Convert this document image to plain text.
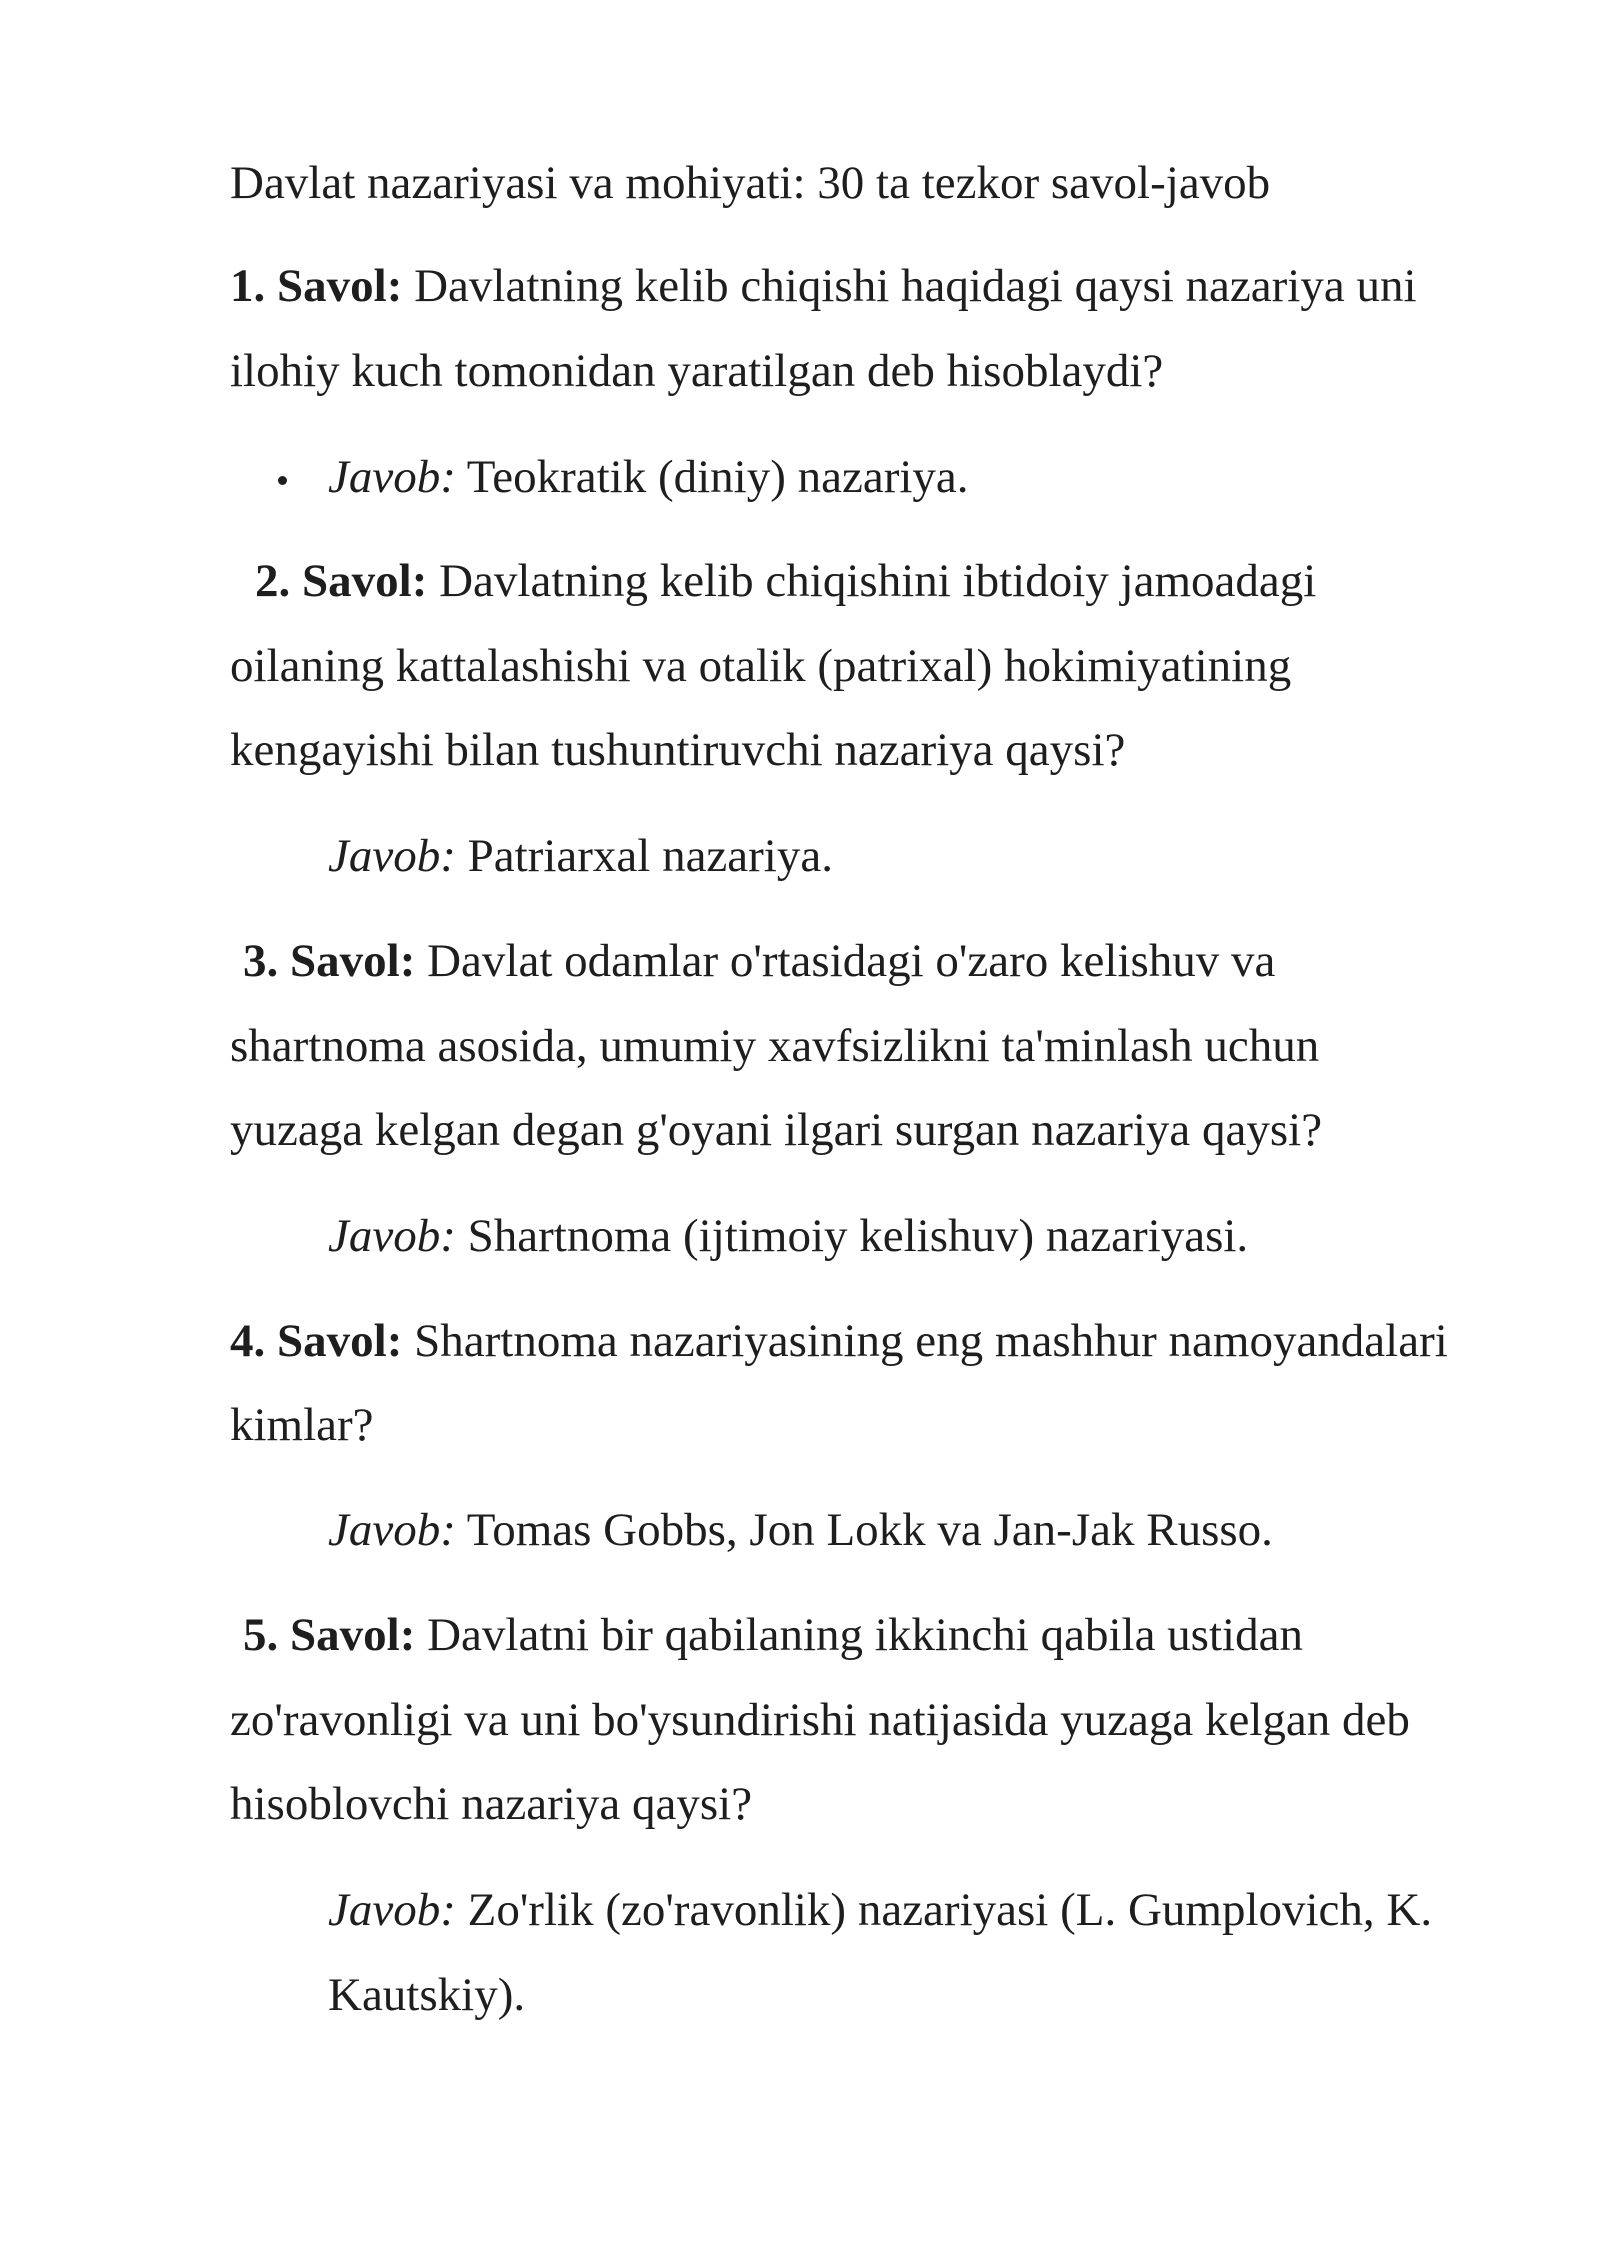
Davlat nazariyasi va mohiyati: 30 ta tezkor savol-javob
1. Savol: Davlatning kelib chiqishi haqidagi qaysi nazariya uni
ilohiy kuch tomonidan yaratilgan deb hisoblaydi?
Javob: Teokratik (diniy) nazariya.
2. Savol: Davlatning kelib chiqishini ibtidoiy jamoadagi
oilaning kattalashishi va otalik (patrixal) hokimiyatining
kengayishi bilan tushuntiruvchi nazariya qaysi?
Javob: Patriarxal nazariya.
3. Savol: Davlat odamlar o'rtasidagi o'zaro kelishuv va
shartnoma asosida, umumiy xavfsizlikni ta'minlash uchun
yuzaga kelgan degan g'oyani ilgari surgan nazariya qaysi?
Javob: Shartnoma (ijtimoiy kelishuv) nazariyasi.
4. Savol: Shartnoma nazariyasining eng mashhur namoyandalari
kimlar?
Javob: Tomas Gobbs, Jon Lokk va Jan-Jak Russo.
5. Savol: Davlatni bir qabilaning ikkinchi qabila ustidan
zo'ravonligi va uni bo'ysundirishi natijasida yuzaga kelgan deb
hisoblovchi nazariya qaysi?
Javob: Zo'rlik (zo'ravonlik) nazariyasi (L. Gumplovich, K.
Kautskiy).
